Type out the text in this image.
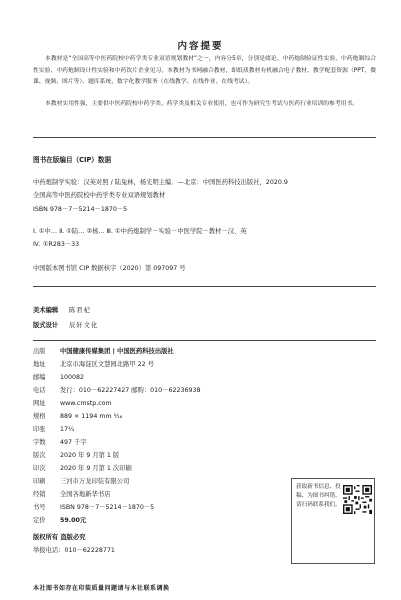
内容提要

本教材是“全国高等中医药院校中药学类专业双语规划教材”之一，内容分5章，分别是绪论、中药炮制验证性实验、中药炮制综合性实验、中药炮制设计性实验和中药饮片企业见习。本教材为书网融合教材，即纸质教材有机融合电子教材、教学配套资源（PPT、微课、视频、图片等）、题库系统、数字化教学服务（在线教学、在线作业、在线考试）。

本教材实用性强，主要供中医药院校中药学类、药学类及相关专业使用，也可作为研究生考试与医药行业培训的参考用书。

图书在版编目（CIP）数据
中药炮制学实验：汉英对照 / 陆兔林，杨光明主编．—北京：中国医药科技出版社，2020.9
全国高等中医药院校中药学类专业双语规划教材
ISBN 978－7－5214－1870－5
Ⅰ. ①中… Ⅱ. ①陆… ②杨… Ⅲ. ①中药炮制学－实验－中医学院－教材－汉、英
Ⅳ. ①R283－33
中国版本图书馆 CIP 数据核字（2020）第 097097 号
美术编辑 陈君杞
版式设计 辰轩文化
出版 中国健康传媒集团 | 中国医药科技出版社
地址 北京市海淀区文慧园北路甲 22 号
邮编 100082
电话 发行：010－62227427 邮购：010－62236938
网址 www.cmstp.com
规格 889 × 1194 mm ¹⁄₁₆
印张 17¹⁄₄
字数 497 千字
版次 2020 年 9 月第 1 版
印次 2020 年 9 月第 1 次印刷
印刷 三河市万龙印装有限公司
经销 全国各地新华书店
书号 ISBN 978－7－5214－1870－5
定价 59.00元
版权所有 盗版必究
举报电话：010－62228771
获取新书信息、投稿、为图书纠错，请扫码联系我们。
本社图书如存在印装质量问题请与本社联系调换
